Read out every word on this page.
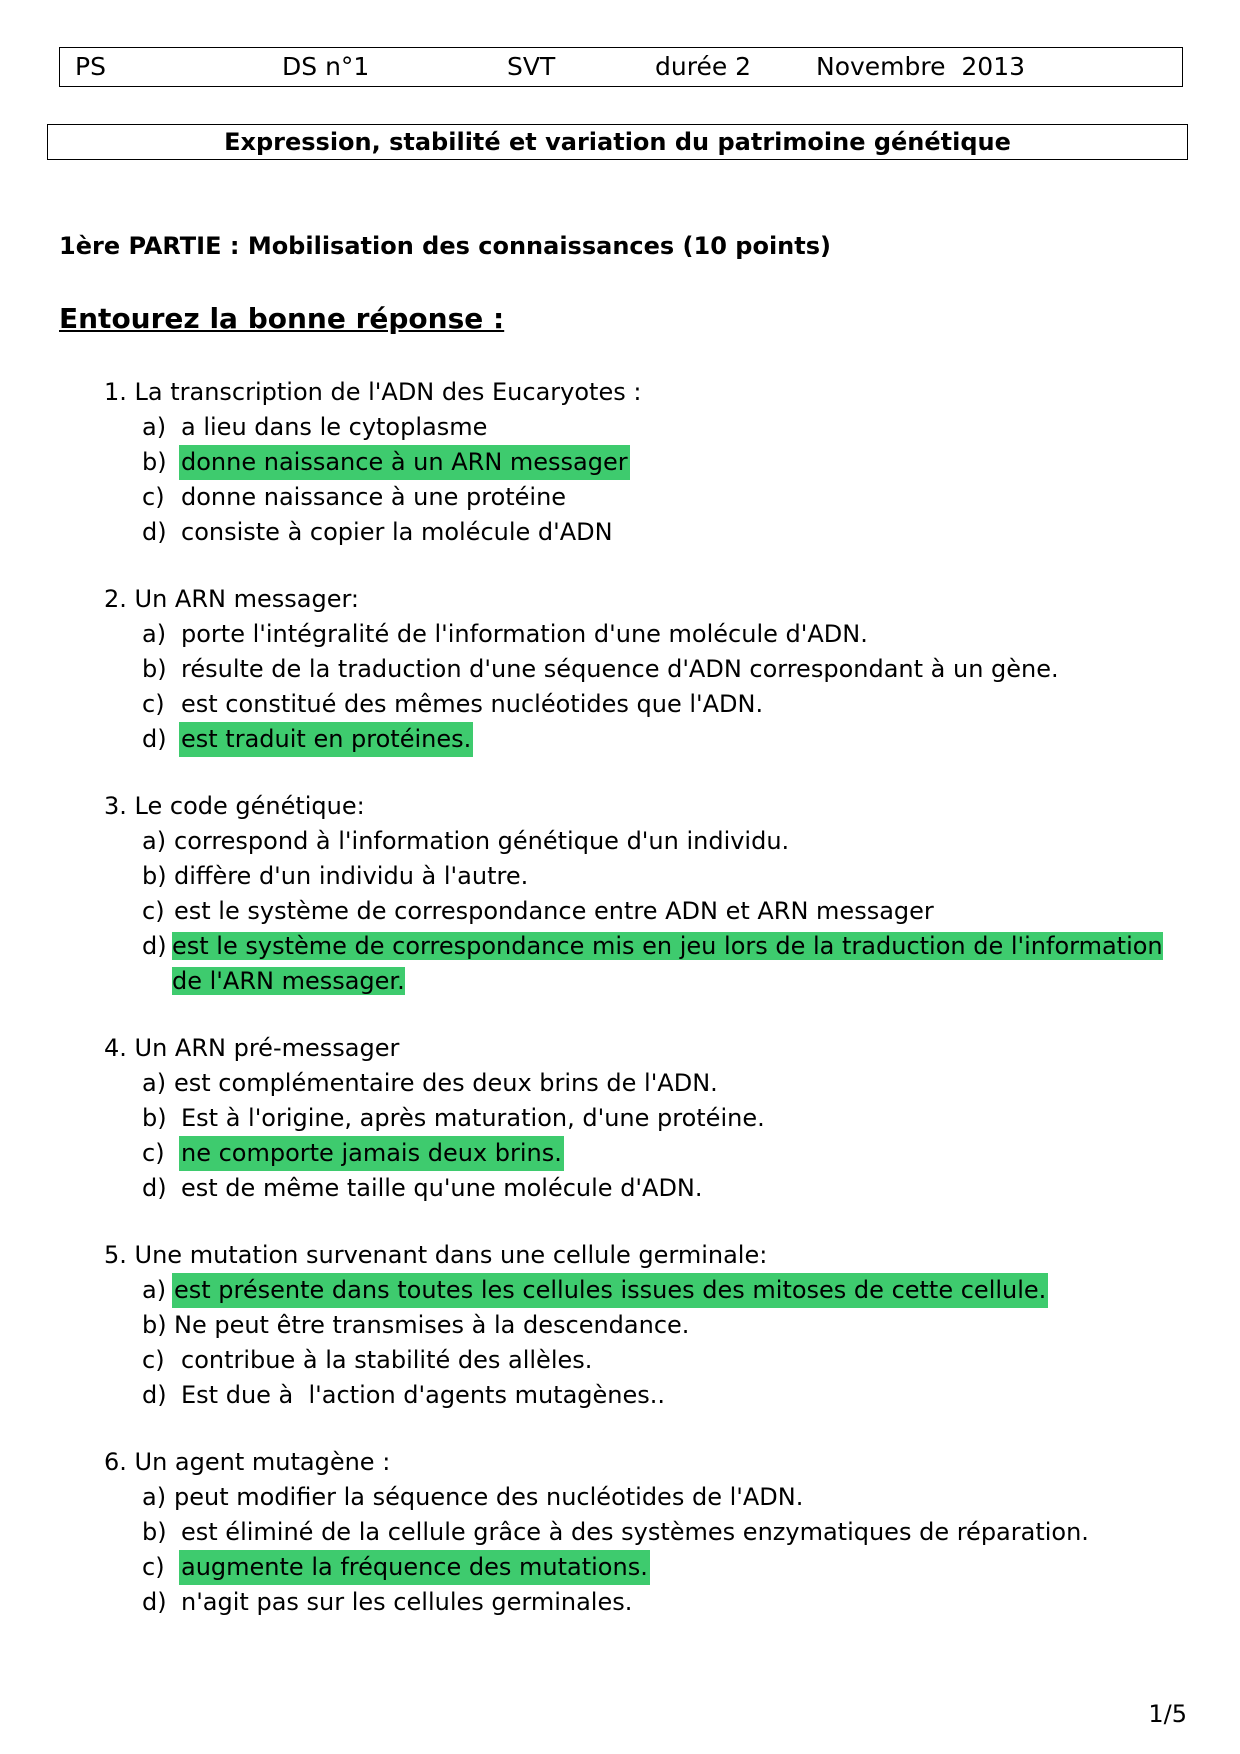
PS	DS n°1	SVT	durée 2	Novembre  2013
Expression, stabilité et variation du patrimoine génétique
1ère PARTIE : Mobilisation des connaissances (10 points)
Entourez la bonne réponse :
1. La transcription de l'ADN des Eucaryotes :
a) a lieu dans le cytoplasme
b) donne naissance à un ARN messager
c) donne naissance à une protéine
d) consiste à copier la molécule d'ADN
2. Un ARN messager:
a) porte l'intégralité de l'information d'une molécule d'ADN.
b) résulte de la traduction d'une séquence d'ADN correspondant à un gène.
c) est constitué des mêmes nucléotides que l'ADN.
d) est traduit en protéines.
3. Le code génétique:
a) correspond à l'information génétique d'un individu.
b) diffère d'un individu à l'autre.
c) est le système de correspondance entre ADN et ARN messager
d) est le système de correspondance mis en jeu lors de la traduction de l'information de l'ARN messager.
4. Un ARN pré-messager
a) est complémentaire des deux brins de l'ADN.
b) Est à l'origine, après maturation, d'une protéine.
c) ne comporte jamais deux brins.
d) est de même taille qu'une molécule d'ADN.
5. Une mutation survenant dans une cellule germinale:
a) est présente dans toutes les cellules issues des mitoses de cette cellule.
b) Ne peut être transmises à la descendance.
c) contribue à la stabilité des allèles.
d) Est due à  l'action d'agents mutagènes..
6. Un agent mutagène :
a) peut modifier la séquence des nucléotides de l'ADN.
b) est éliminé de la cellule grâce à des systèmes enzymatiques de réparation.
c) augmente la fréquence des mutations.
d) n'agit pas sur les cellules germinales.
1/5
